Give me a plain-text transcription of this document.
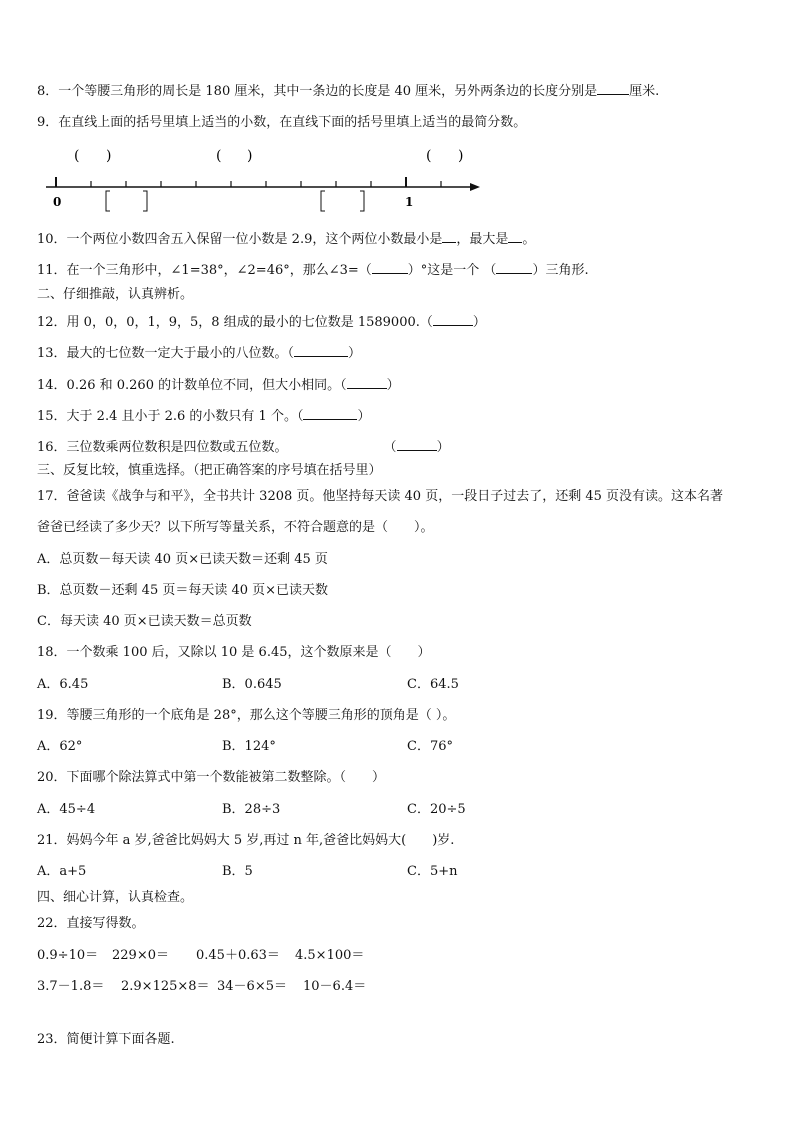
8．一个等腰三角形的周长是 180 厘米，其中一条边的长度是 40 厘米，另外两条边的长度分别是 厘米.
9．在直线上面的括号里填上适当的小数，在直线下面的括号里填上适当的最简分数。
( )	( )	( )
0	1
10．一个两位小数四舍五入保留一位小数是 2.9，这个两位小数最小是 ，最大是 。
11．在一个三角形中，∠1=38°，∠2=46°，那么∠3=（	）°这是一个 （	）三角形.
二、仔细推敲，认真辨析。
12．用 0，0，0，1，9，5，8 组成的最小的七位数是 1589000.（	）
13．最大的七位数一定大于最小的八位数。（	）
14．0.26 和 0.260 的计数单位不同，但大小相同。（	）
15．大于 2.4 且小于 2.6 的小数只有 1 个。（	）
16．三位数乘两位数积是四位数或五位数。	（	）
三、反复比较，慎重选择。（把正确答案的序号填在括号里）
17．爸爸读《战争与和平》，全书共计 3208 页。他坚持每天读 40 页，一段日子过去了，还剩 45 页没有读。这本名著
爸爸已经读了多少天？以下所写等量关系，不符合题意的是（　　）。
A．总页数－每天读 40 页×已读天数＝还剩 45 页
B．总页数－还剩 45 页＝每天读 40 页×已读天数
C．每天读 40 页×已读天数＝总页数
18．一个数乘 100 后，又除以 10 是 6.45，这个数原来是（　　）
A．6.45	B．0.645	C．64.5
19．等腰三角形的一个底角是 28°，那么这个等腰三角形的顶角是（ ）。
A．62°	B．124°	C．76°
20．下面哪个除法算式中第一个数能被第二数整除。（　　）
A．45÷4	B．28÷3	C．20÷5
21．妈妈今年 a 岁,爸爸比妈妈大 5 岁,再过 n 年,爸爸比妈妈大(　　)岁.
A．a+5	B．5	C．5+n
四、细心计算，认真检查。
22．直接写得数。
0.9÷10＝ 229×0＝ 0.45＋0.63＝ 4.5×100＝
3.7－1.8＝ 2.9×125×8＝ 34－6×5＝ 10－6.4＝
23．简便计算下面各题.
